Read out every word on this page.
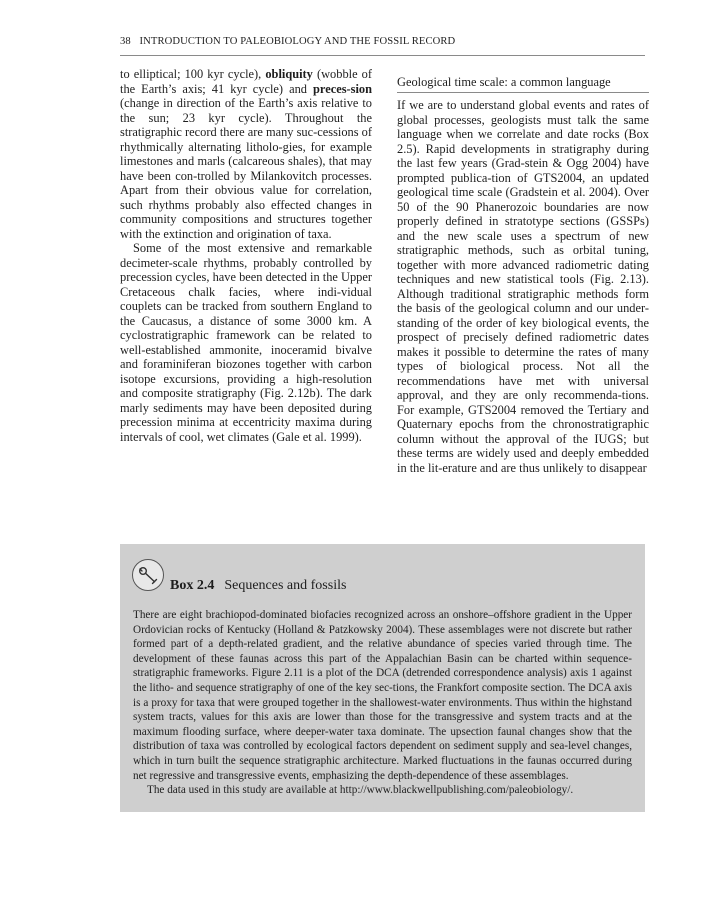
38 INTRODUCTION TO PALEOBIOLOGY AND THE FOSSIL RECORD

to elliptical; 100 kyr cycle), obliquity (wobble of the Earth’s axis; 41 kyr cycle) and preces-sion (change in direction of the Earth’s axis relative to the sun; 23 kyr cycle). Throughout the stratigraphic record there are many suc-cessions of rhythmically alternating litholo-gies, for example limestones and marls (calcareous shales), that may have been con-trolled by Milankovitch processes. Apart from their obvious value for correlation, such rhythms probably also effected changes in community compositions and structures together with the extinction and origination of taxa.

Some of the most extensive and remarkable decimeter-scale rhythms, probably controlled by precession cycles, have been detected in the Upper Cretaceous chalk facies, where indi-vidual couplets can be tracked from southern England to the Caucasus, a distance of some 3000 km. A cyclostratigraphic framework can be related to well-established ammonite, inoceramid bivalve and foraminiferan biozones together with carbon isotope excursions, providing a high-resolution and composite stratigraphy (Fig. 2.12b). The dark marly sediments may have been deposited during precession minima at eccentricity maxima during intervals of cool, wet climates (Gale et al. 1999).

Geological time scale: a common language

If we are to understand global events and rates of global processes, geologists must talk the same language when we correlate and date rocks (Box 2.5). Rapid developments in stratigraphy during the last few years (Grad-stein & Ogg 2004) have prompted publica-tion of GTS2004, an updated geological time scale (Gradstein et al. 2004). Over 50 of the 90 Phanerozoic boundaries are now properly defined in stratotype sections (GSSPs) and the new scale uses a spectrum of new stratigraphic methods, such as orbital tuning, together with more advanced radiometric dating techniques and new statistical tools (Fig. 2.13). Although traditional stratigraphic methods form the basis of the geological column and our under-standing of the order of key biological events, the prospect of precisely defined radiometric dates makes it possible to determine the rates of many types of biological process. Not all the recommendations have met with universal approval, and they are only recommenda-tions. For example, GTS2004 removed the Tertiary and Quaternary epochs from the chronostratigraphic column without the approval of the IUGS; but these terms are widely used and deeply embedded in the lit-erature and are thus unlikely to disappear

Box 2.4 Sequences and fossils

There are eight brachiopod-dominated biofacies recognized across an onshore–offshore gradient in the Upper Ordovician rocks of Kentucky (Holland & Patzkowsky 2004). These assemblages were not discrete but rather formed part of a depth-related gradient, and the relative abundance of species varied through time. The development of these faunas across this part of the Appalachian Basin can be charted within sequence-stratigraphic frameworks. Figure 2.11 is a plot of the DCA (detrended correspondence analysis) axis 1 against the litho- and sequence stratigraphy of one of the key sec-tions, the Frankfort composite section. The DCA axis is a proxy for taxa that were grouped together in the shallowest-water environments. Thus within the highstand system tracts, values for this axis are lower than those for the transgressive and system tracts and at the maximum flooding surface, where deeper-water taxa dominate. The upsection faunal changes show that the distribution of taxa was controlled by ecological factors dependent on sediment supply and sea-level changes, which in turn built the sequence stratigraphic architecture. Marked fluctuations in the faunas occurred during net regressive and transgressive events, emphasizing the depth-dependence of these assemblages.

The data used in this study are available at http://www.blackwellpublishing.com/paleobiology/.
